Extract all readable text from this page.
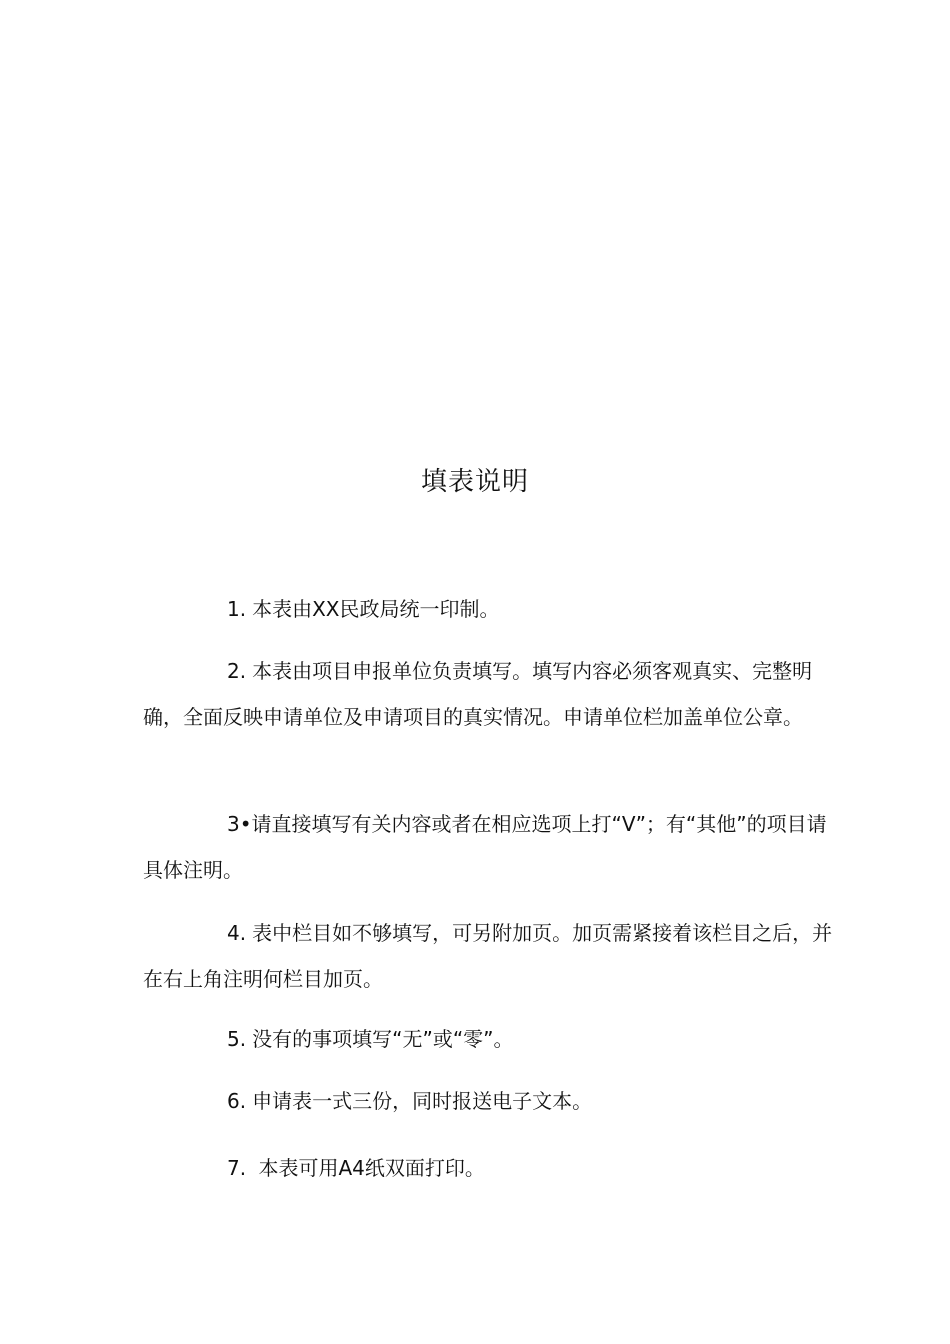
填表说明

1. 本表由XX民政局统一印制。

2. 本表由项目申报单位负责填写。填写内容必须客观真实、完整明确，全面反映申请单位及申请项目的真实情况。申请单位栏加盖单位公章。

3•请直接填写有关内容或者在相应选项上打“V”；有“其他”的项目请具体注明。

4. 表中栏目如不够填写，可另附加页。加页需紧接着该栏目之后，并在右上角注明何栏目加页。

5. 没有的事项填写“无”或“零”。

6. 申请表一式三份，同时报送电子文本。

7. 本表可用A4纸双面打印。
